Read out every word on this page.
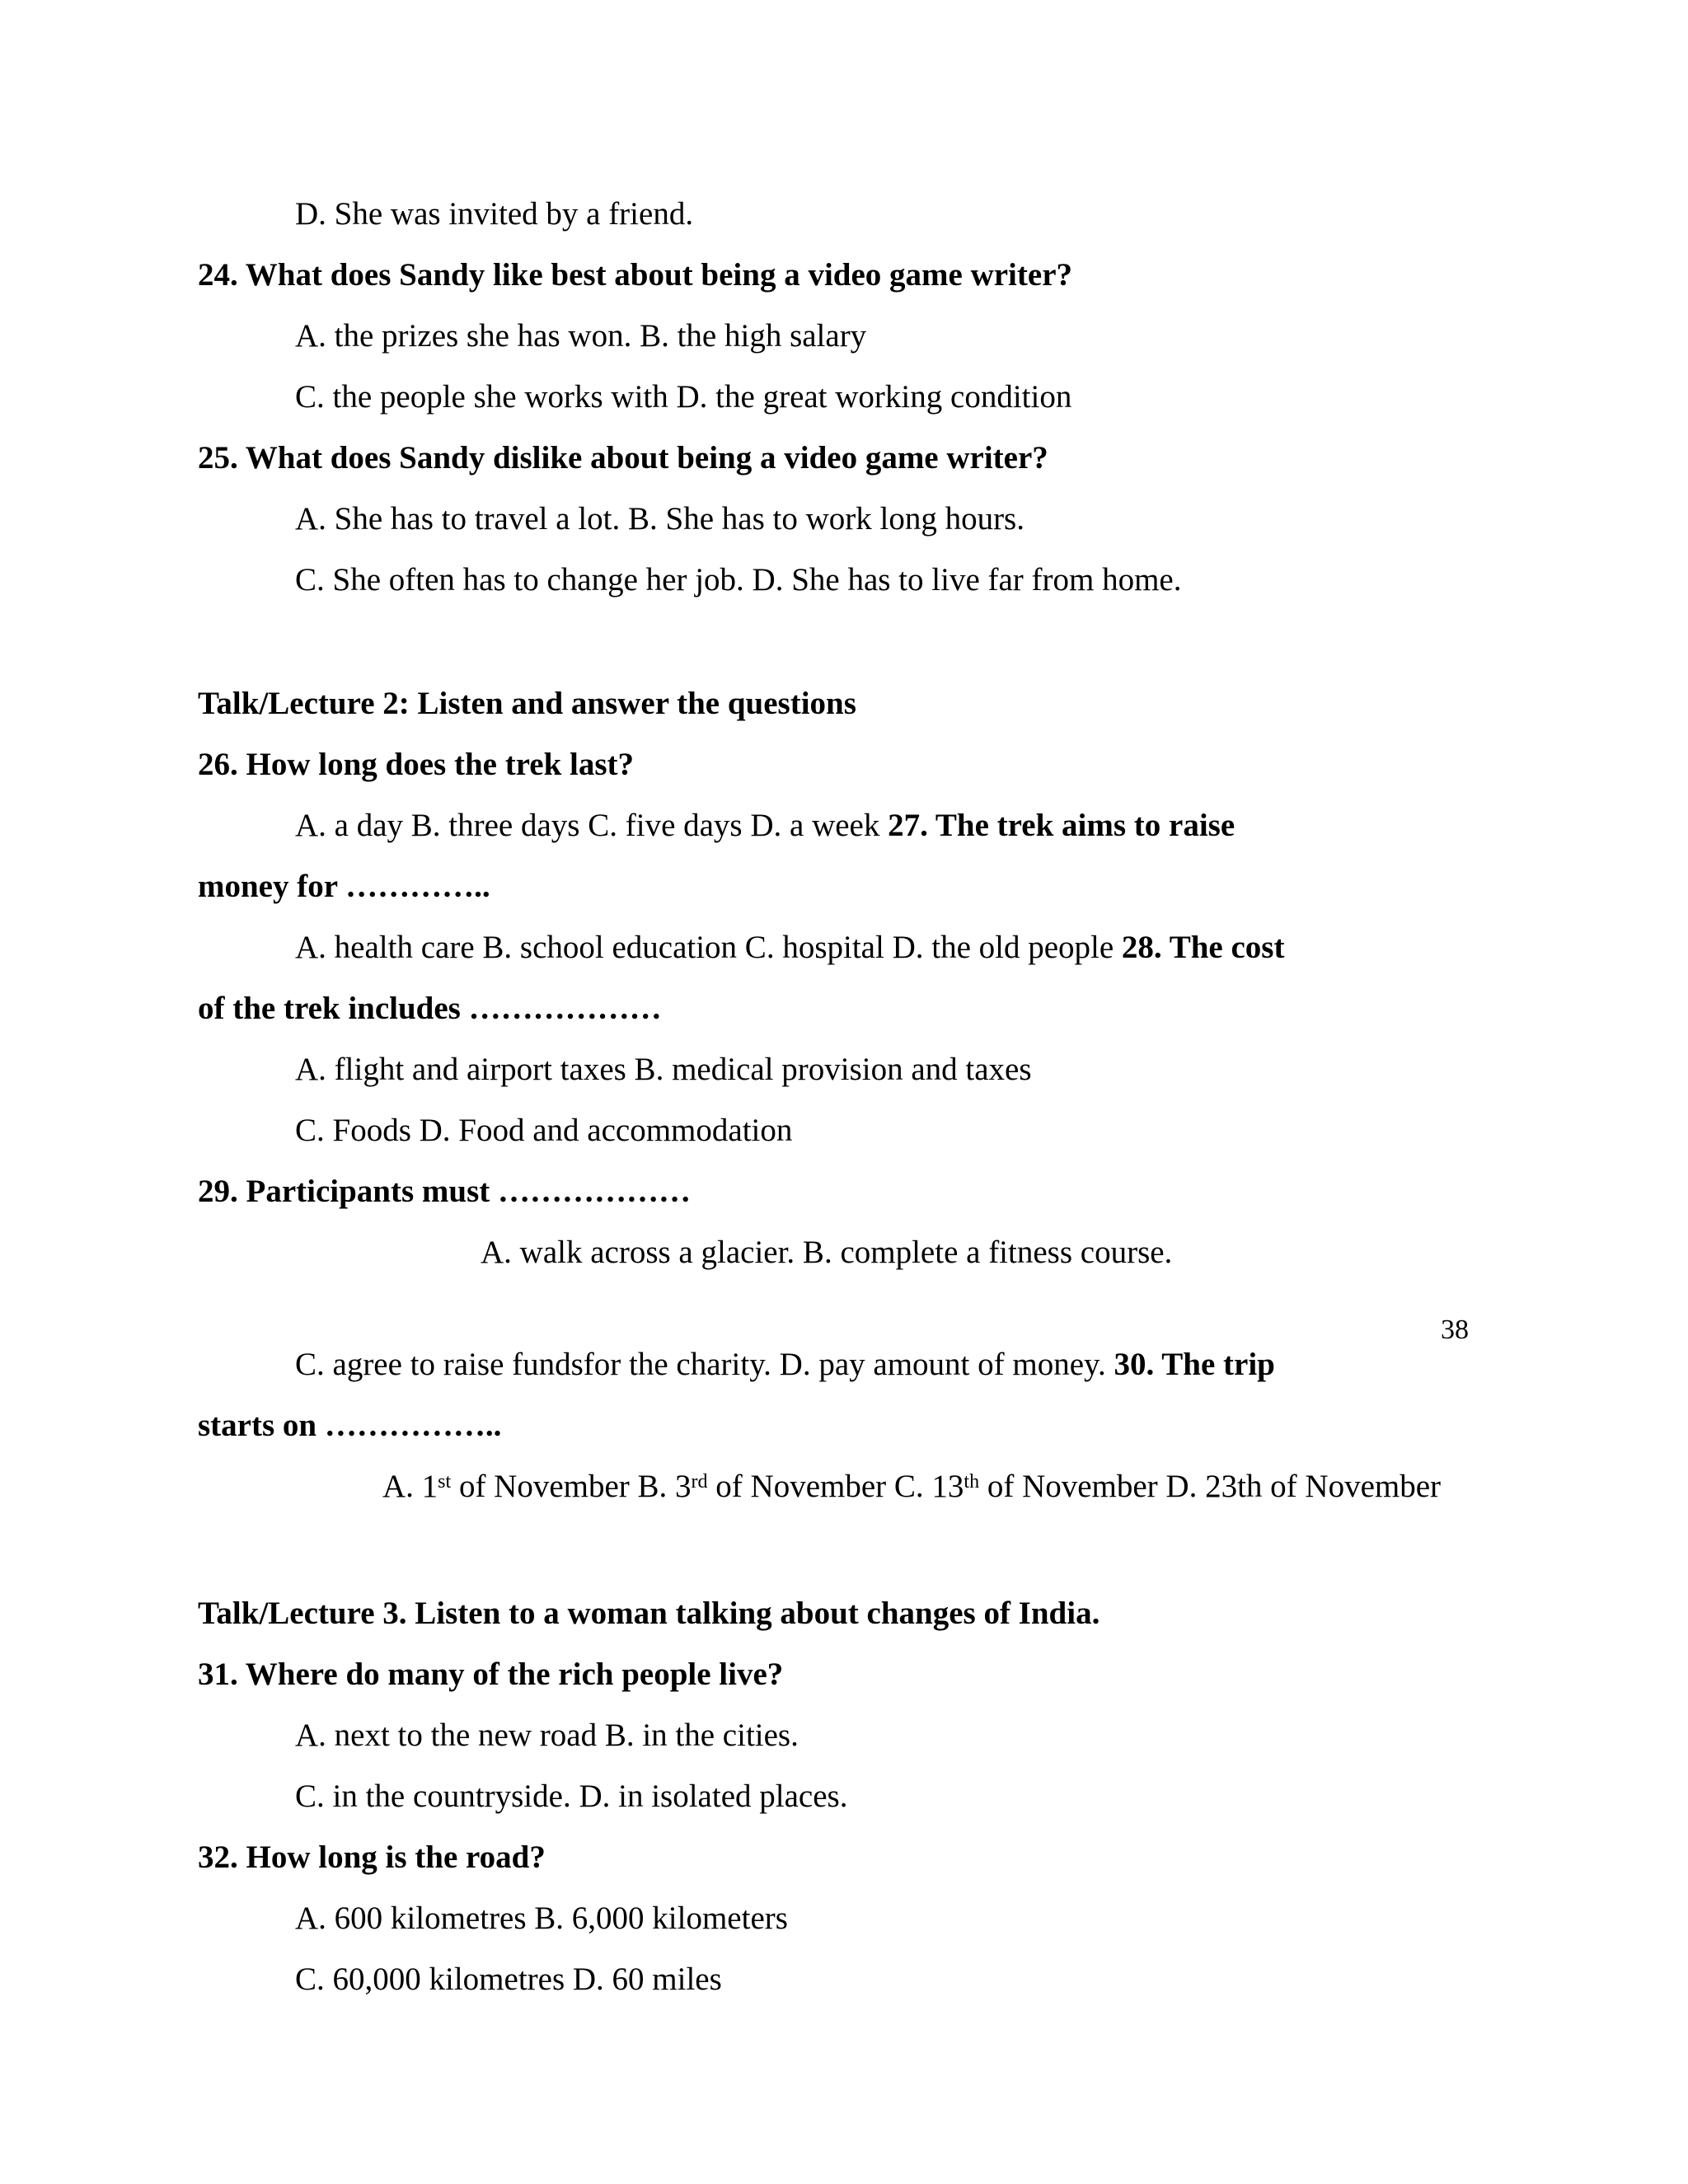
D. She was invited by a friend.
24. What does Sandy like best about being a video game writer?
A. the prizes she has won. B. the high salary
C. the people she works with D. the great working condition
25. What does Sandy dislike about being a video game writer?
A. She has to travel a lot. B. She has to work long hours.
C. She often has to change her job. D. She has to live far from home.
Talk/Lecture 2: Listen and answer the questions
26. How long does the trek last?
A. a day B. three days C. five days D. a week 27. The trek aims to raise
money for …………..
A. health care B. school education C. hospital D. the old people 28. The cost
of the trek includes ………………
A. flight and airport taxes B. medical provision and taxes
C. Foods D. Food and accommodation
29. Participants must ………………
A. walk across a glacier. B. complete a fitness course.
38
C. agree to raise fundsfor the charity. D. pay amount of money. 30. The trip
starts on ……………..
A. 1st of November B. 3rd of November C. 13th of November D. 23th of November
Talk/Lecture 3. Listen to a woman talking about changes of India.
31. Where do many of the rich people live?
A. next to the new road B. in the cities.
C. in the countryside. D. in isolated places.
32. How long is the road?
A. 600 kilometres B. 6,000 kilometers
C. 60,000 kilometres D. 60 miles
